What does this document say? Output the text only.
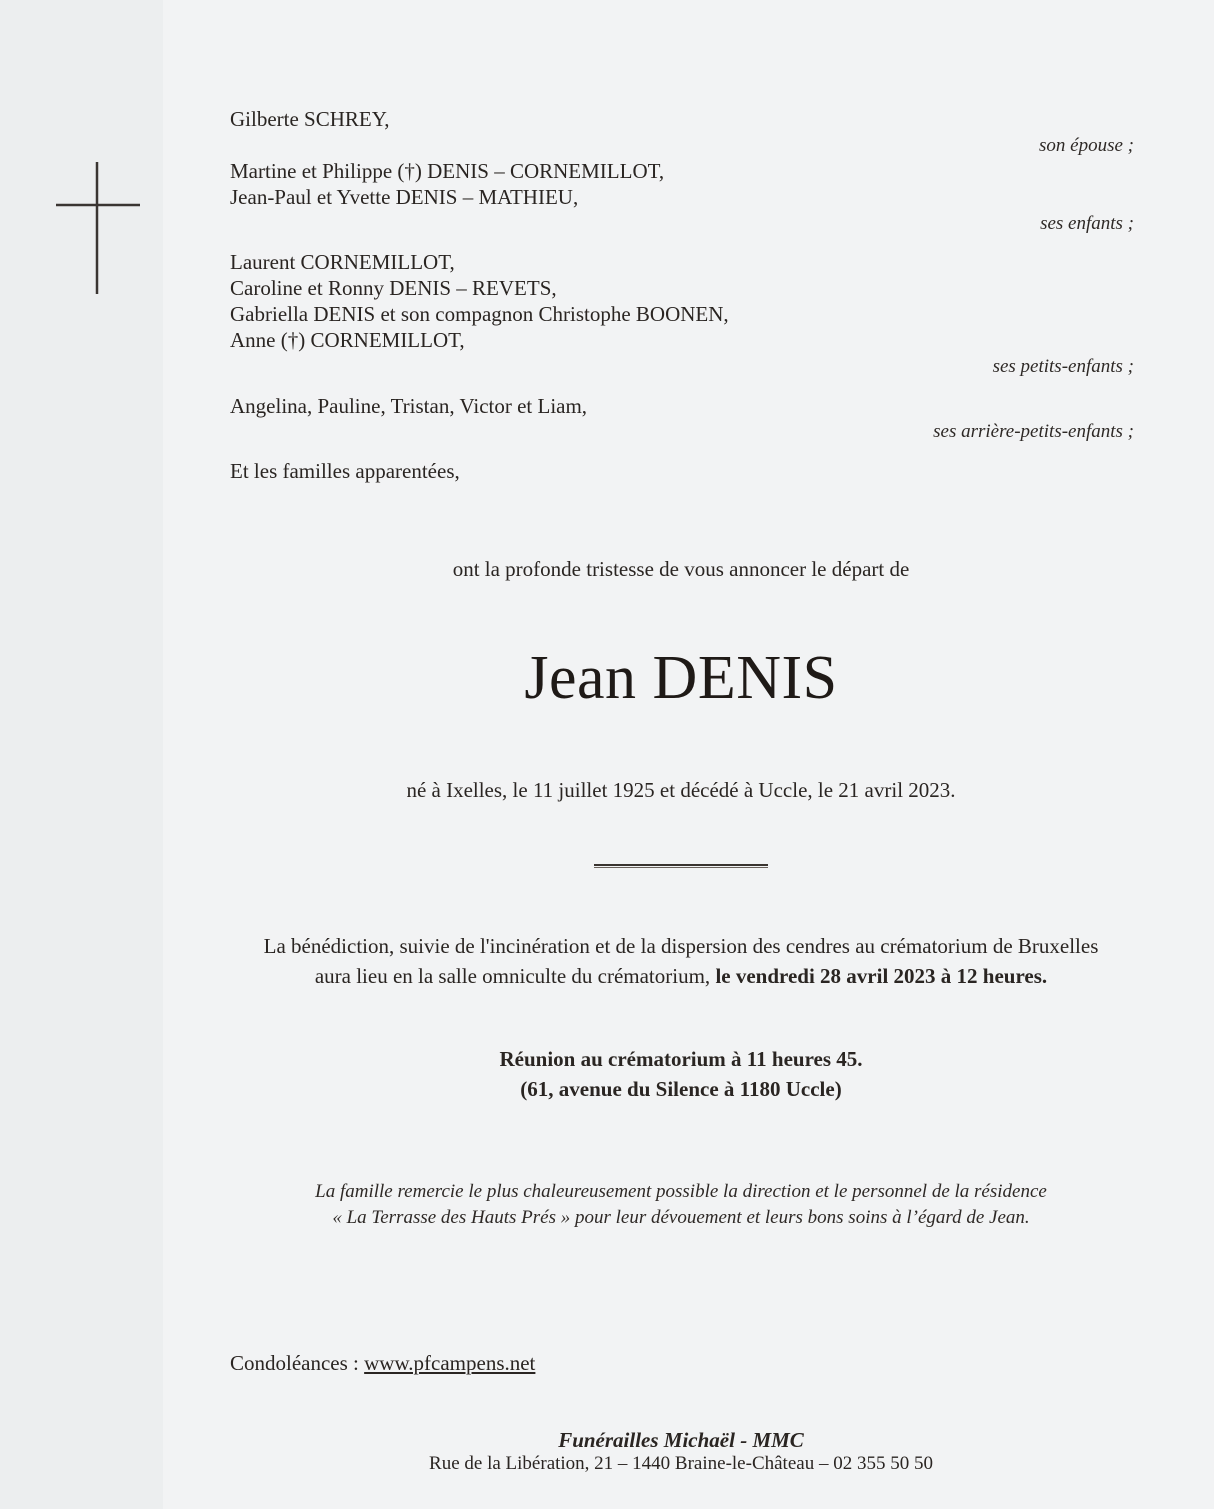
Gilberte SCHREY,
son épouse ;
Martine et Philippe (†) DENIS – CORNEMILLOT,
Jean-Paul et Yvette DENIS – MATHIEU,
ses enfants ;
Laurent CORNEMILLOT,
Caroline et Ronny DENIS – REVETS,
Gabriella DENIS et son compagnon Christophe BOONEN,
Anne (†) CORNEMILLOT,
ses petits-enfants ;
Angelina, Pauline, Tristan, Victor et Liam,
ses arrière-petits-enfants ;
Et les familles apparentées,
ont la profonde tristesse de vous annoncer le départ de
Jean DENIS
né à Ixelles, le 11 juillet 1925 et décédé à Uccle, le 21 avril 2023.
La bénédiction, suivie de l'incinération et de la dispersion des cendres au crématorium de Bruxelles
aura lieu en la salle omniculte du crématorium, le vendredi 28 avril 2023 à 12 heures.
Réunion au crématorium à 11 heures 45.
(61, avenue du Silence à 1180 Uccle)
La famille remercie le plus chaleureusement possible la direction et le personnel de la résidence
« La Terrasse des Hauts Prés » pour leur dévouement et leurs bons soins à l’égard de Jean.
Condoléances : www.pfcampens.net
Funérailles Michaël - MMC
Rue de la Libération, 21 – 1440 Braine-le-Château – 02 355 50 50
